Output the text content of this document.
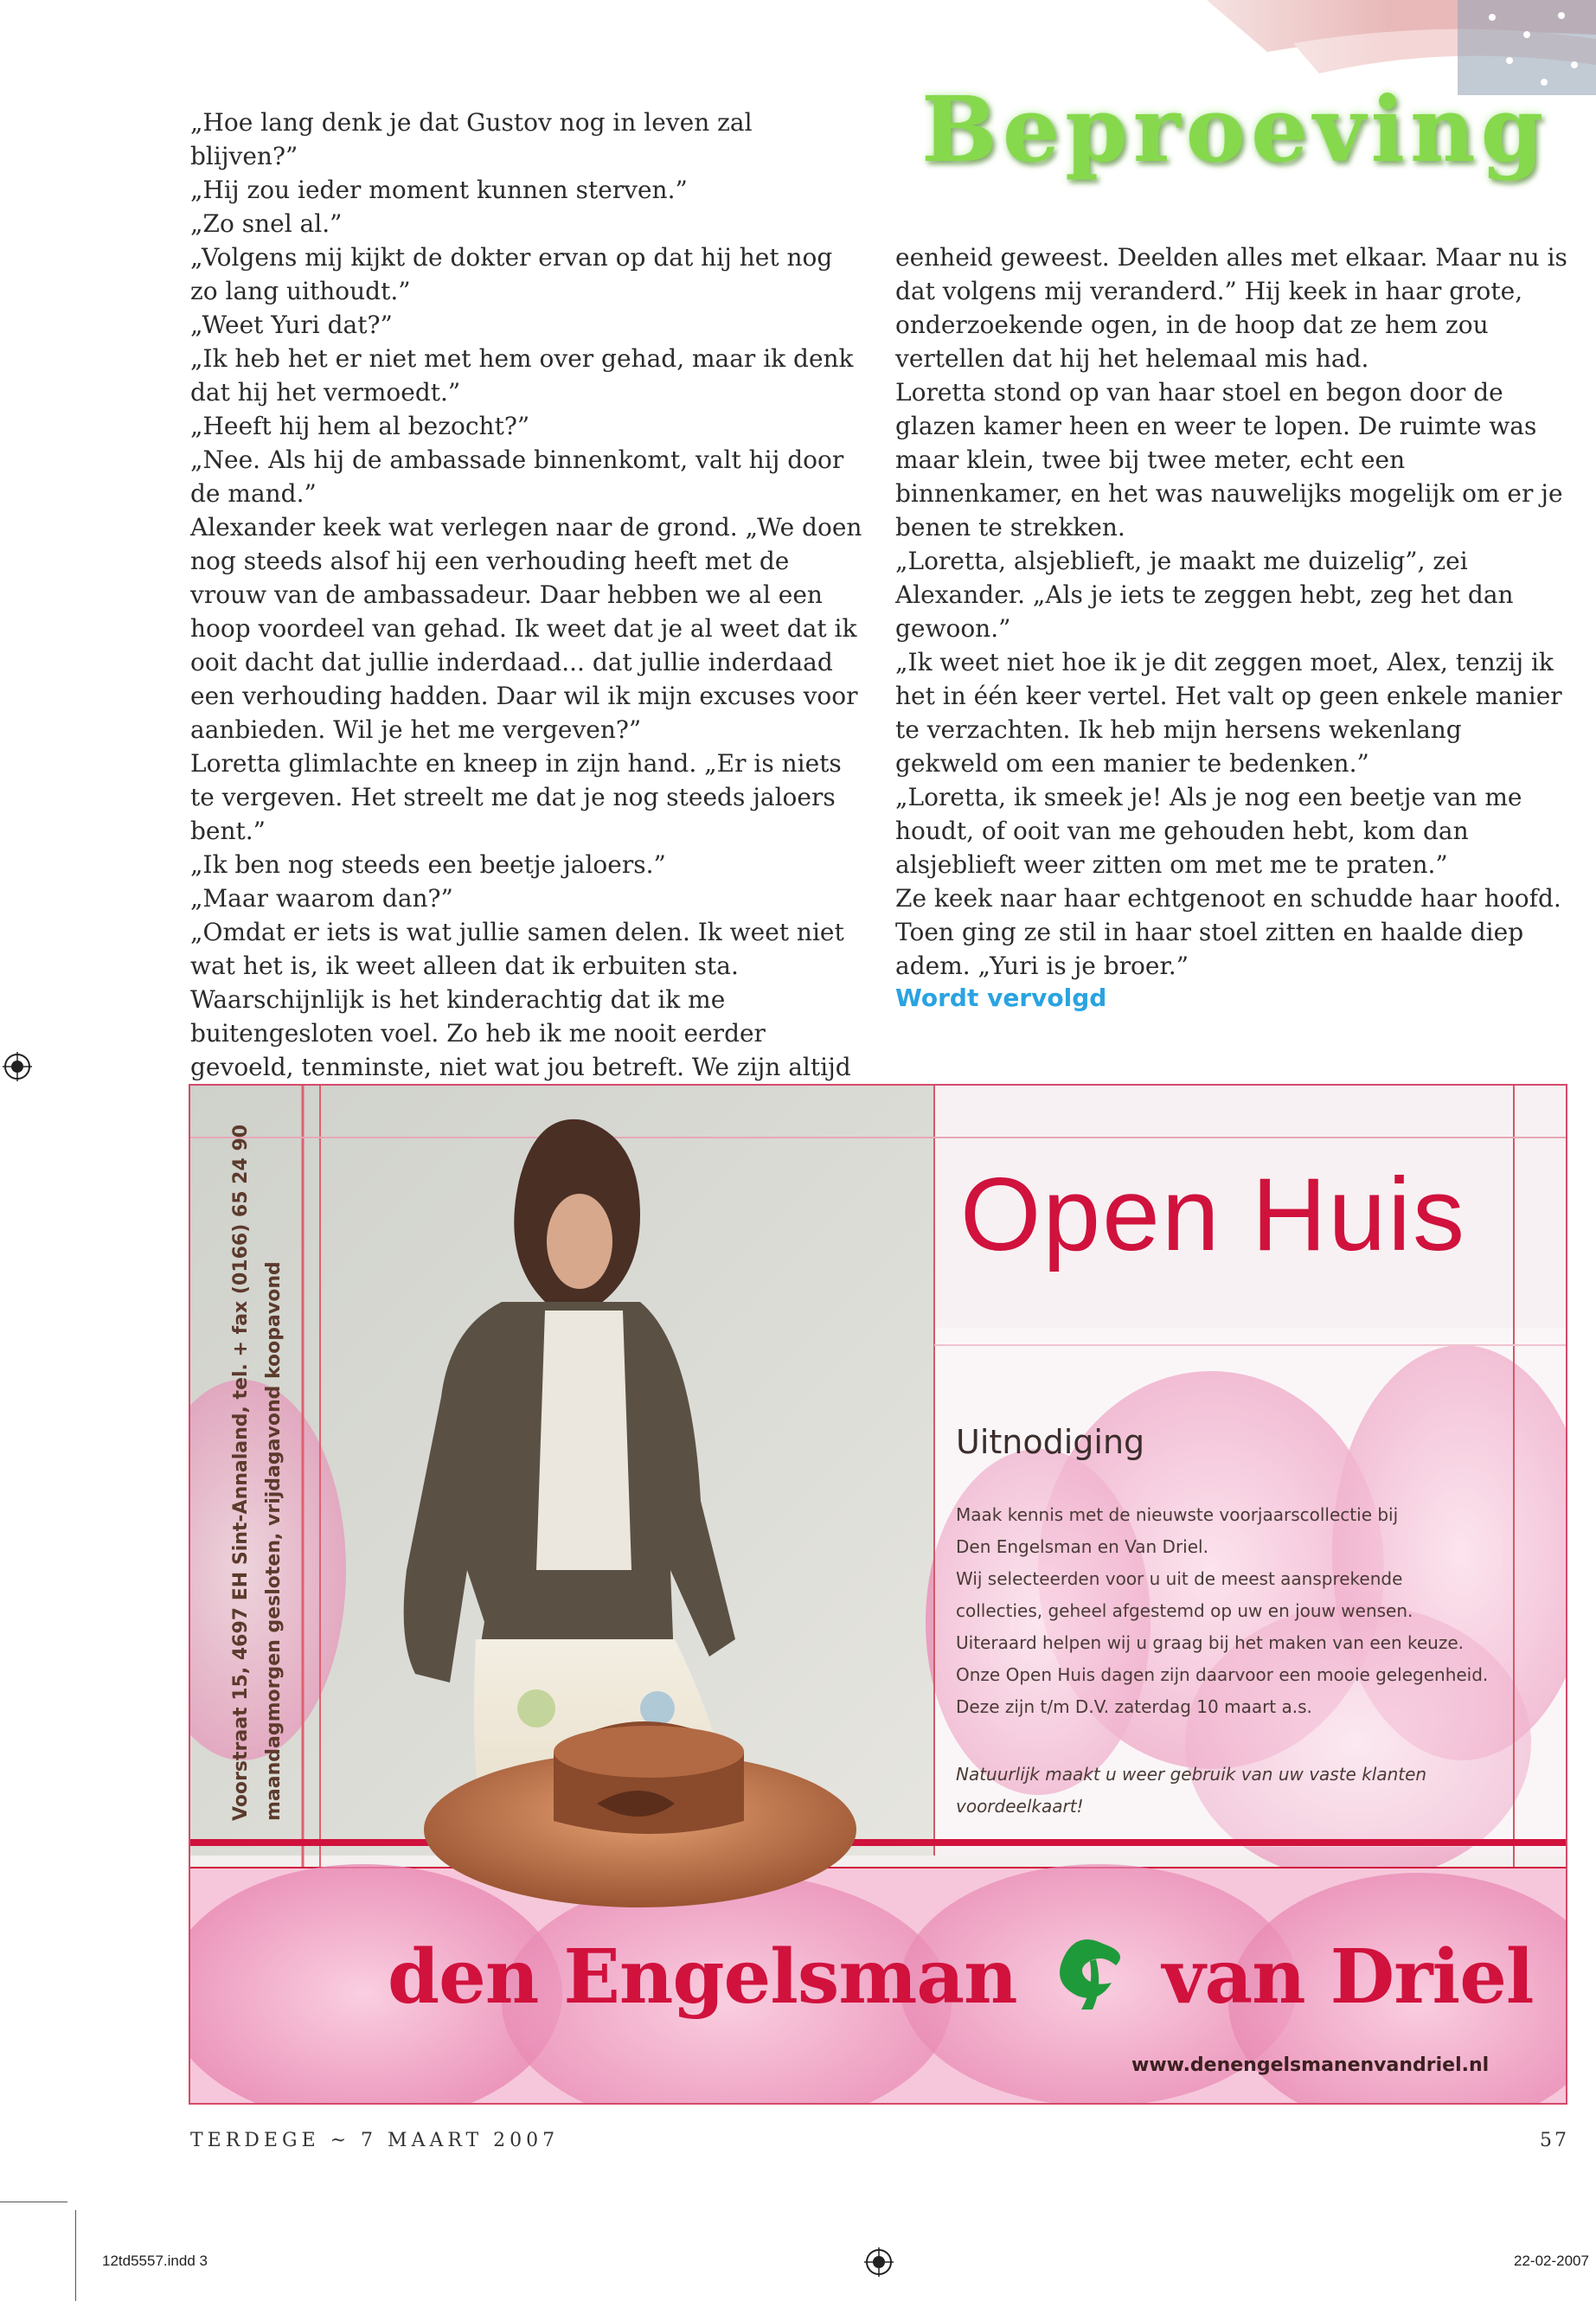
Beproeving

„Hoe lang denk je dat Gustov nog in leven zal blijven?”

„Hij zou ieder moment kunnen sterven.”

„Zo snel al.”

„Volgens mij kijkt de dokter ervan op dat hij het nog zo lang uithoudt.”

„Weet Yuri dat?”

„Ik heb het er niet met hem over gehad, maar ik denk dat hij het vermoedt.”

„Heeft hij hem al bezocht?”

„Nee. Als hij de ambassade binnenkomt, valt hij door de mand.”

Alexander keek wat verlegen naar de grond. „We doen nog steeds alsof hij een verhouding heeft met de vrouw van de ambassadeur. Daar hebben we al een hoop voordeel van gehad. Ik weet dat je al weet dat ik ooit dacht dat jullie inderdaad... dat jullie inderdaad een verhouding hadden. Daar wil ik mijn excuses voor aanbieden. Wil je het me vergeven?”

Loretta glimlachte en kneep in zijn hand. „Er is niets te vergeven. Het streelt me dat je nog steeds jaloers bent.”

„Ik ben nog steeds een beetje jaloers.”

„Maar waarom dan?”

„Omdat er iets is wat jullie samen delen. Ik weet niet wat het is, ik weet alleen dat ik erbuiten sta. Waarschijnlijk is het kinderachtig dat ik me buitengesloten voel. Zo heb ik me nooit eerder gevoeld, tenminste, niet wat jou betreft. We zijn altijd

eenheid geweest. Deelden alles met elkaar. Maar nu is dat volgens mij veranderd.” Hij keek in haar grote, onderzoekende ogen, in de hoop dat ze hem zou vertellen dat hij het helemaal mis had.

Loretta stond op van haar stoel en begon door de glazen kamer heen en weer te lopen. De ruimte was maar klein, twee bij twee meter, echt een binnenkamer, en het was nauwelijks mogelijk om er je benen te strekken.

„Loretta, alsjeblieft, je maakt me duizelig”, zei Alexander. „Als je iets te zeggen hebt, zeg het dan gewoon.”

„Ik weet niet hoe ik je dit zeggen moet, Alex, tenzij ik het in één keer vertel. Het valt op geen enkele manier te verzachten. Ik heb mijn hersens wekenlang gekweld om een manier te bedenken.”

„Loretta, ik smeek je! Als je nog een beetje van me houdt, of ooit van me gehouden hebt, kom dan alsjeblieft weer zitten om met me te praten.”

Ze keek naar haar echtgenoot en schudde haar hoofd. Toen ging ze stil in haar stoel zitten en haalde diep adem. „Yuri is je broer.”

Wordt vervolgd
Voorstraat 15, 4697 EH Sint-Annaland, tel. + fax (0166) 65 24 90 maandagmorgen gesloten, vrijdagavond koopavond
Open Huis
Uitnodiging

Maak kennis met de nieuwste voorjaarscollectie bij

Den Engelsman en Van Driel.

Wij selecteerden voor u uit de meest aansprekende

collecties, geheel afgestemd op uw en jouw wensen.

Uiteraard helpen wij u graag bij het maken van een keuze.

Onze Open Huis dagen zijn daarvoor een mooie gelegenheid.

Deze zijn t/m D.V. zaterdag 10 maart a.s.

Natuurlijk maakt u weer gebruik van uw vaste klanten voordeelkaart!
den Engelsman van Driel
www.denengelsmanenvandriel.nl
TERDEGE ~ 7 MAART 2007	57
12td5557.indd 3	22-02-2007
